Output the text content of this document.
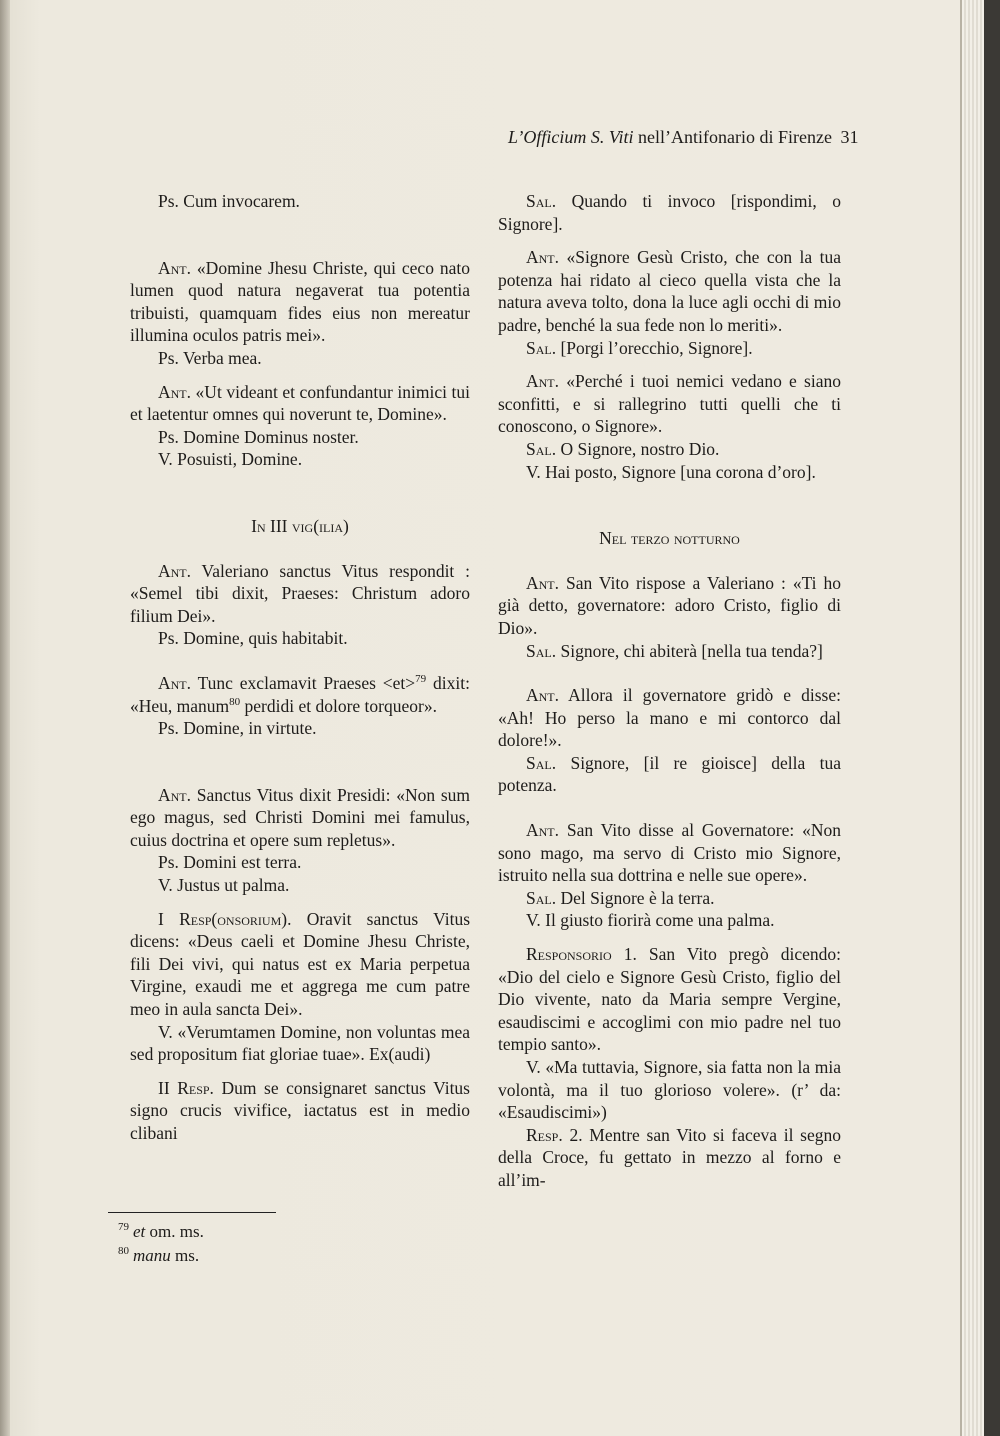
L’Officium S. Viti nell’Antifonario di Firenze 31

Ps. Cum invocarem.

Ant. «Domine Jhesu Christe, qui ceco nato lumen quod natura negaverat tua potentia tribuisti, quamquam fides eius non mereatur illumina oculos patris mei».

Ps. Verba mea.

Ant. «Ut videant et confundantur inimici tui et laetentur omnes qui noverunt te, Domine».

Ps. Domine Dominus noster.

V. Posuisti, Domine.

In III vig(ilia)

Ant. Valeriano sanctus Vitus respondit : «Semel tibi dixit, Praeses: Christum adoro filium Dei».

Ps. Domine, quis habitabit.

Ant. Tunc exclamavit Praeses <et>$^{79}$ dixit: «Heu, manum$^{80}$ perdidi et dolore torqueor».

Ps. Domine, in virtute.

Ant. Sanctus Vitus dixit Presidi: «Non sum ego magus, sed Christi Domini mei famulus, cuius doctrina et opere sum repletus».

Ps. Domini est terra.

V. Justus ut palma.

I Resp(onsorium). Oravit sanctus Vitus dicens: «Deus caeli et Domine Jhesu Christe, fili Dei vivi, qui natus est ex Maria perpetua Virgine, exaudi me et aggrega me cum patre meo in aula sancta Dei».

V. «Verumtamen Domine, non voluntas mea sed propositum fiat gloriae tuae». Ex(audi)

II Resp. Dum se consignaret sanctus Vitus signo crucis vivifice, iactatus est in medio clibani

Sal. Quando ti invoco [rispondimi, o Signore].

Ant. «Signore Gesù Cristo, che con la tua potenza hai ridato al cieco quella vista che la natura aveva tolto, dona la luce agli occhi di mio padre, benché la sua fede non lo meriti».

Sal. [Porgi l’orecchio, Signore].

Ant. «Perché i tuoi nemici vedano e siano sconfitti, e si rallegrino tutti quelli che ti conoscono, o Signore».

Sal. O Signore, nostro Dio.

V. Hai posto, Signore [una corona d’oro].

Nel terzo notturno

Ant. San Vito rispose a Valeriano : «Ti ho già detto, governatore: adoro Cristo, figlio di Dio».

Sal. Signore, chi abiterà [nella tua tenda?]

Ant. Allora il governatore gridò e disse: «Ah! Ho perso la mano e mi contorco dal dolore!».

Sal. Signore, [il re gioisce] della tua potenza.

Ant. San Vito disse al Governatore: «Non sono mago, ma servo di Cristo mio Signore, istruito nella sua dottrina e nelle sue opere».

Sal. Del Signore è la terra.

V. Il giusto fiorirà come una palma.

Responsorio 1. San Vito pregò dicendo: «Dio del cielo e Signore Gesù Cristo, figlio del Dio vivente, nato da Maria sempre Vergine, esaudiscimi e accoglimi con mio padre nel tuo tempio santo».

V. «Ma tuttavia, Signore, sia fatta non la mia volontà, ma il tuo glorioso volere». (r’ da: «Esaudiscimi»)

Resp. 2. Mentre san Vito si faceva il segno della Croce, fu gettato in mezzo al forno e all’im-

$^{79}$ et om. ms.
$^{80}$ manu ms.
